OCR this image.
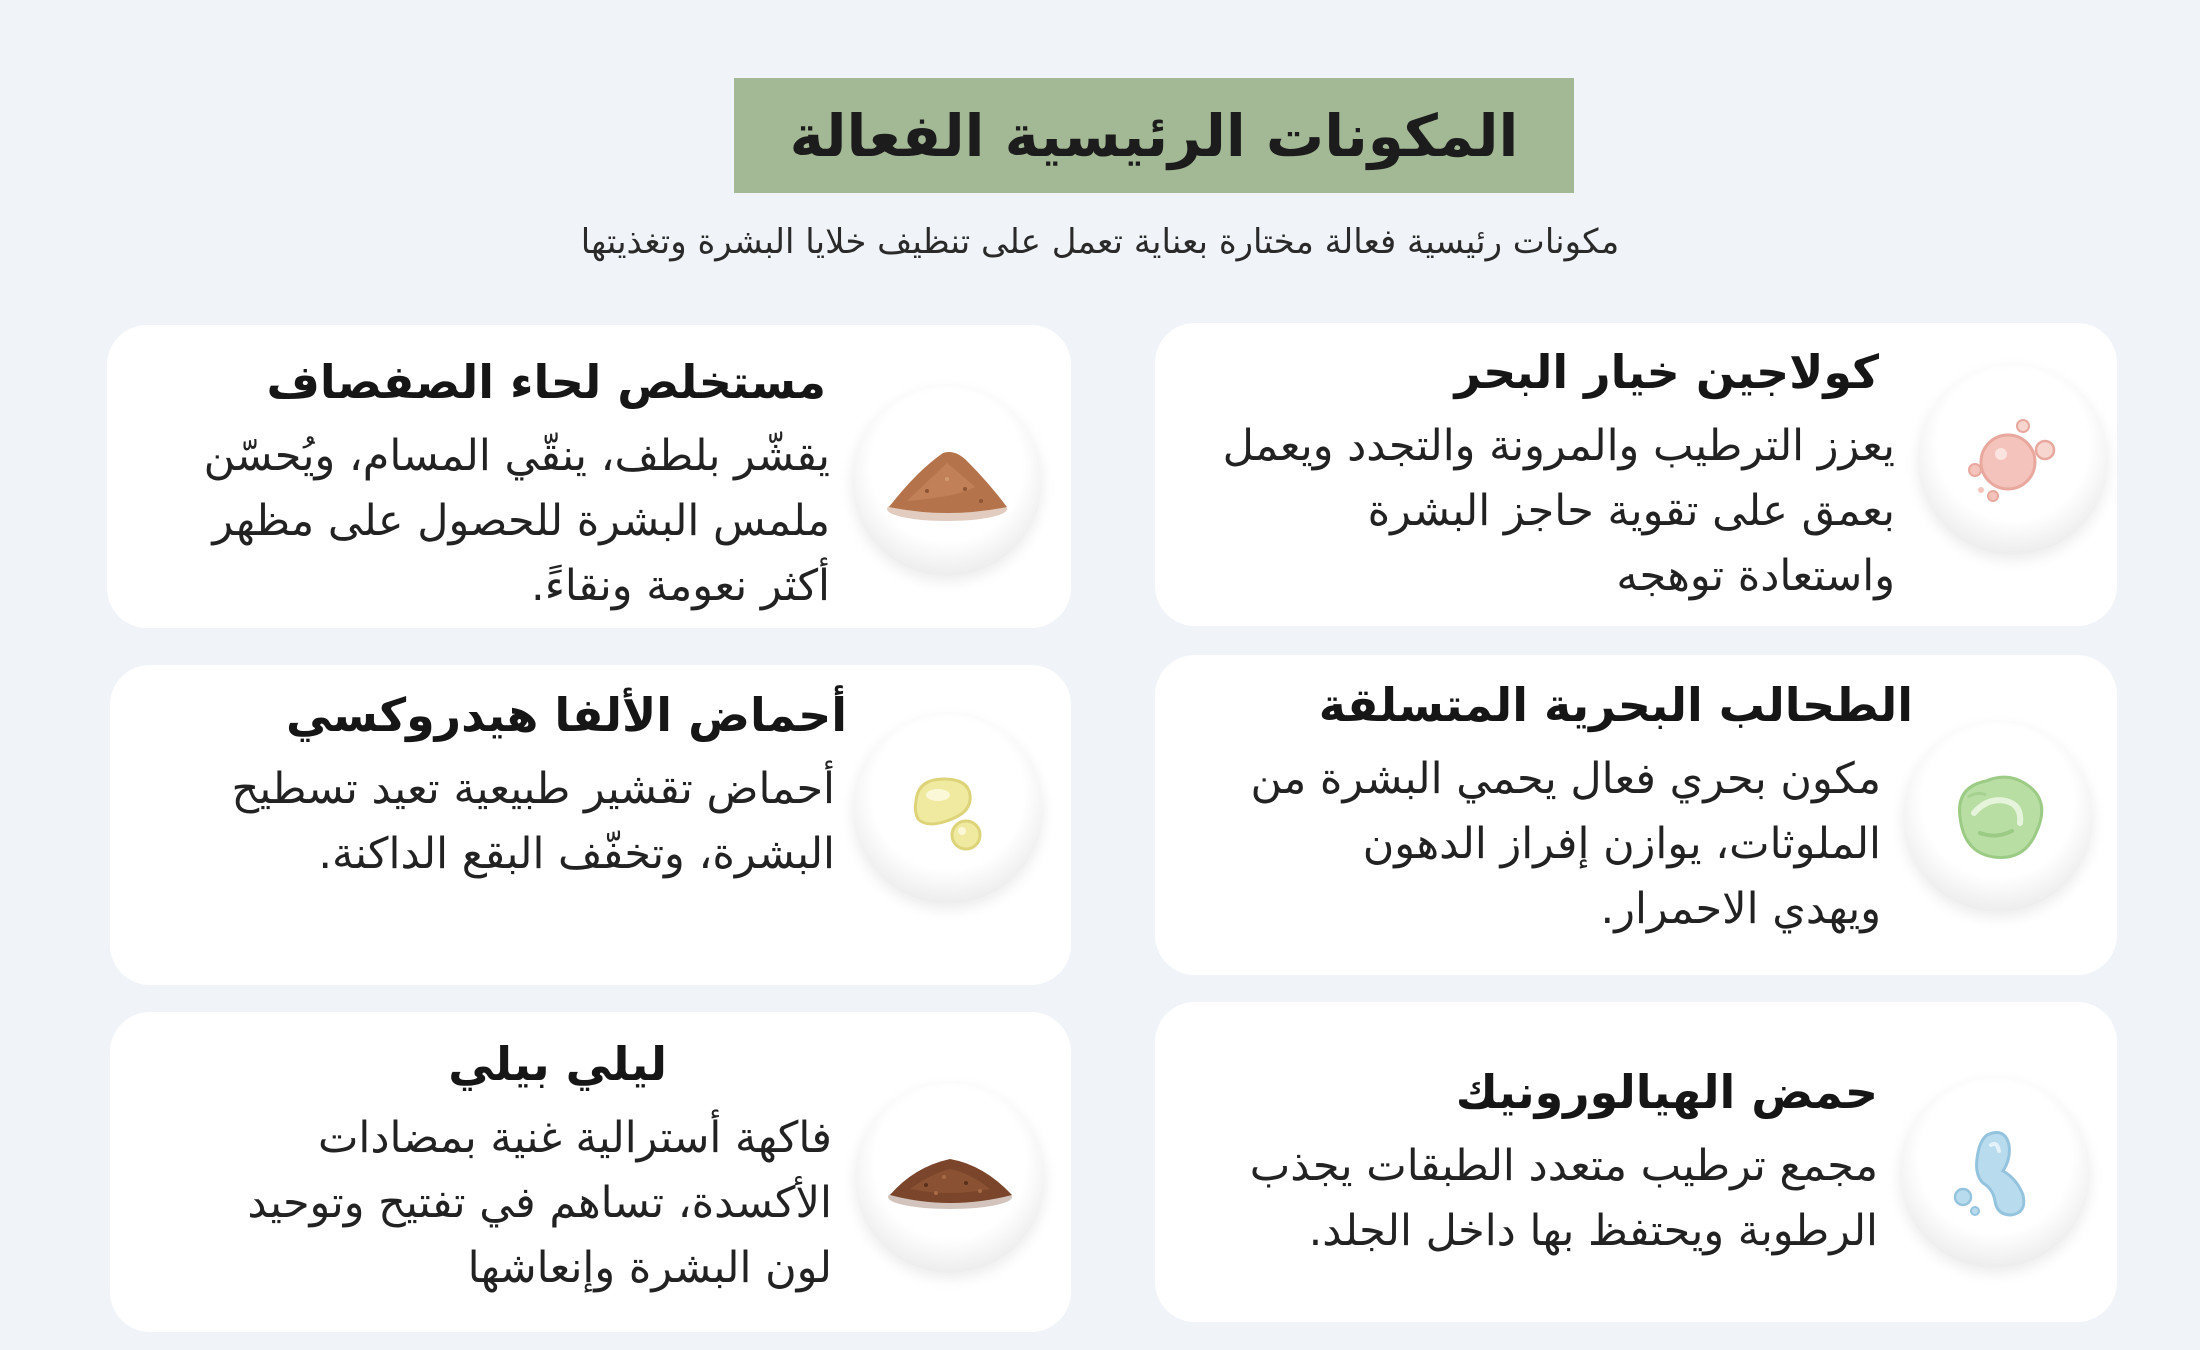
المكونات الرئيسية الفعالة
مكونات رئيسية فعالة مختارة بعناية تعمل على تنظيف خلايا البشرة وتغذيتها
كولاجين خيار البحر
يعزز الترطيب والمرونة والتجدد ويعمل
بعمق على تقوية حاجز البشرة
واستعادة توهجه
مستخلص لحاء الصفصاف
يقشّر بلطف، ينقّي المسام، ويُحسّن
ملمس البشرة للحصول على مظهر
أكثر نعومة ونقاءً.
الطحالب البحرية المتسلقة
مكون بحري فعال يحمي البشرة من
الملوثات، يوازن إفراز الدهون
ويهدي الاحمرار.
أحماض الألفا هيدروكسي
أحماض تقشير طبيعية تعيد تسطيح
البشرة، وتخفّف البقع الداكنة.
حمض الهيالورونيك
مجمع ترطيب متعدد الطبقات يجذب
الرطوبة ويحتفظ بها داخل الجلد.
ليلي بيلي
فاكهة أسترالية غنية بمضادات
الأكسدة، تساهم في تفتيح وتوحيد
لون البشرة وإنعاشها
